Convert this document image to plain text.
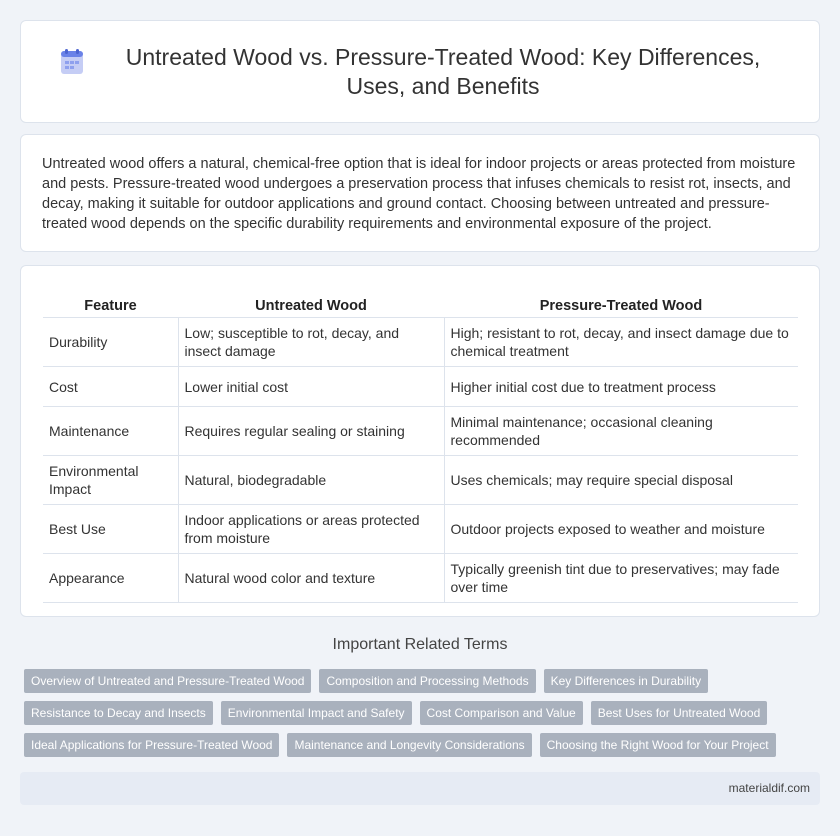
Untreated Wood vs. Pressure-Treated Wood: Key Differences, Uses, and Benefits

Untreated wood offers a natural, chemical-free option that is ideal for indoor projects or areas protected from moisture and pests. Pressure-treated wood undergoes a preservation process that infuses chemicals to resist rot, insects, and decay, making it suitable for outdoor applications and ground contact. Choosing between untreated and pressure-treated wood depends on the specific durability requirements and environmental exposure of the project.

Feature	Untreated Wood	Pressure-Treated Wood
Durability	Low; susceptible to rot, decay, and insect damage	High; resistant to rot, decay, and insect damage due to chemical treatment
Cost	Lower initial cost	Higher initial cost due to treatment process
Maintenance	Requires regular sealing or staining	Minimal maintenance; occasional cleaning recommended
Environmental Impact	Natural, biodegradable	Uses chemicals; may require special disposal
Best Use	Indoor applications or areas protected from moisture	Outdoor projects exposed to weather and moisture
Appearance	Natural wood color and texture	Typically greenish tint due to preservatives; may fade over time
Important Related Terms
Overview of Untreated and Pressure-Treated Wood	Composition and Processing Methods	Key Differences in Durability
Resistance to Decay and Insects	Environmental Impact and Safety	Cost Comparison and Value	Best Uses for Untreated Wood
Ideal Applications for Pressure-Treated Wood	Maintenance and Longevity Considerations	Choosing the Right Wood for Your Project
materialdif.com
